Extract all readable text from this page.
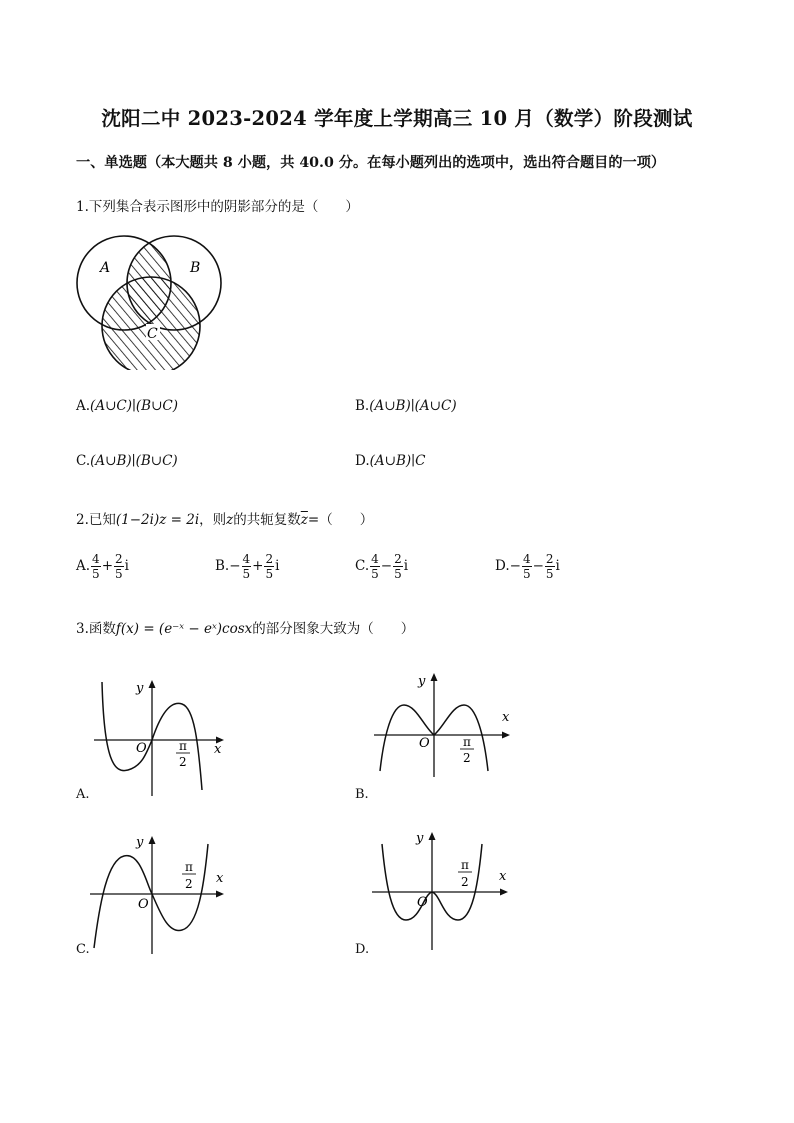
沈阳二中 2023-2024 学年度上学期高三 10 月（数学）阶段测试
一、单选题（本大题共 8 小题，共 40.0 分。在每小题列出的选项中，选出符合题目的一项）
1.下列集合表示图形中的阴影部分的是（　　）
A	B
C
A.(A∪C)∣(B∪C)	B.(A∪B)∣(A∪C)
C.(A∪B)∣(B∪C)	D.(A∪B)∣C
2.已知(1−2i)z = 2i，则z的共轭复数$\overline{z}=$（　　）
A. $\frac{4}{5} + \frac{2}{5}$ i	$B.- \frac{4}{5} + \frac{2}{5}$ i	C. $\frac{4}{5} - \frac{2}{5}$ i	$D.- \frac{4}{5} - \frac{2}{5}$ i
3.函数f(x) = (e⁻ˣ − eˣ)cosx的部分图象大致为（　　）
y
x
O	π
2
A.
y
x
O	π
2
B.
y
x
O
π
2
C.
y
x
O
π
2
D.
